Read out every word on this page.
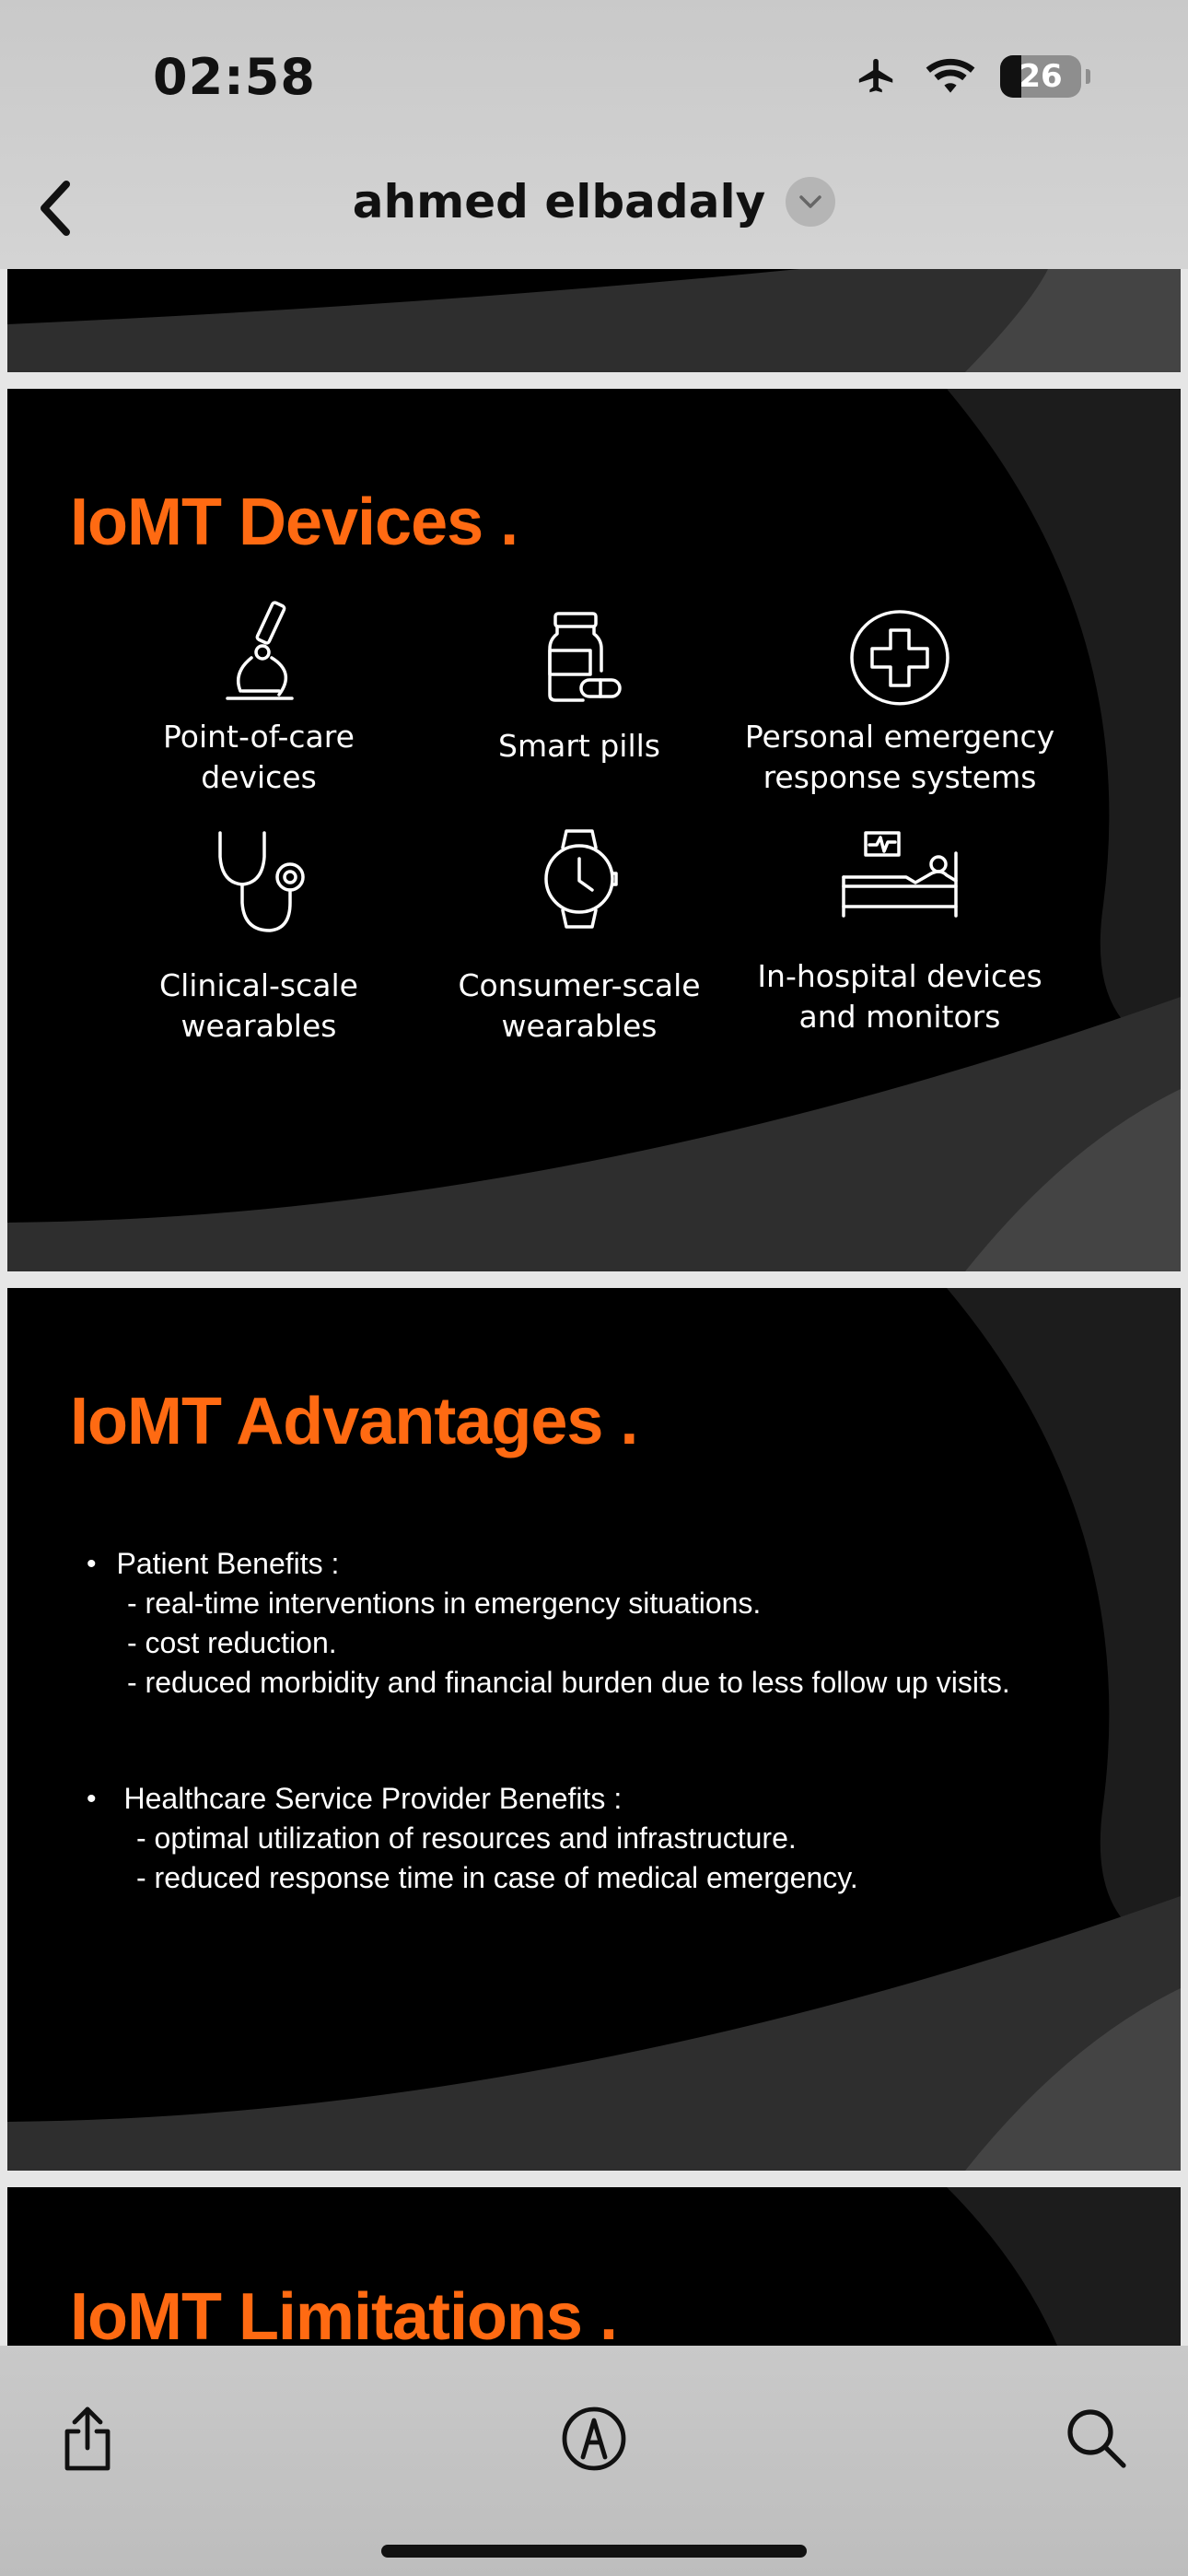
02:58	26
ahmed elbadaly
IoMT Devices .
Point-of-care
devices
Smart pills	Personal emergency
response systems
Clinical-scale
wearables
Consumer-scale
wearables
In-hospital devices
and monitors
IoMT Advantages .
• Patient Benefits :
- real-time interventions in emergency situations.
- cost reduction.
- reduced morbidity and financial burden due to less follow up visits.
• Healthcare Service Provider Benefits :
- optimal utilization of resources and infrastructure.
- reduced response time in case of medical emergency.
IoMT Limitations .
